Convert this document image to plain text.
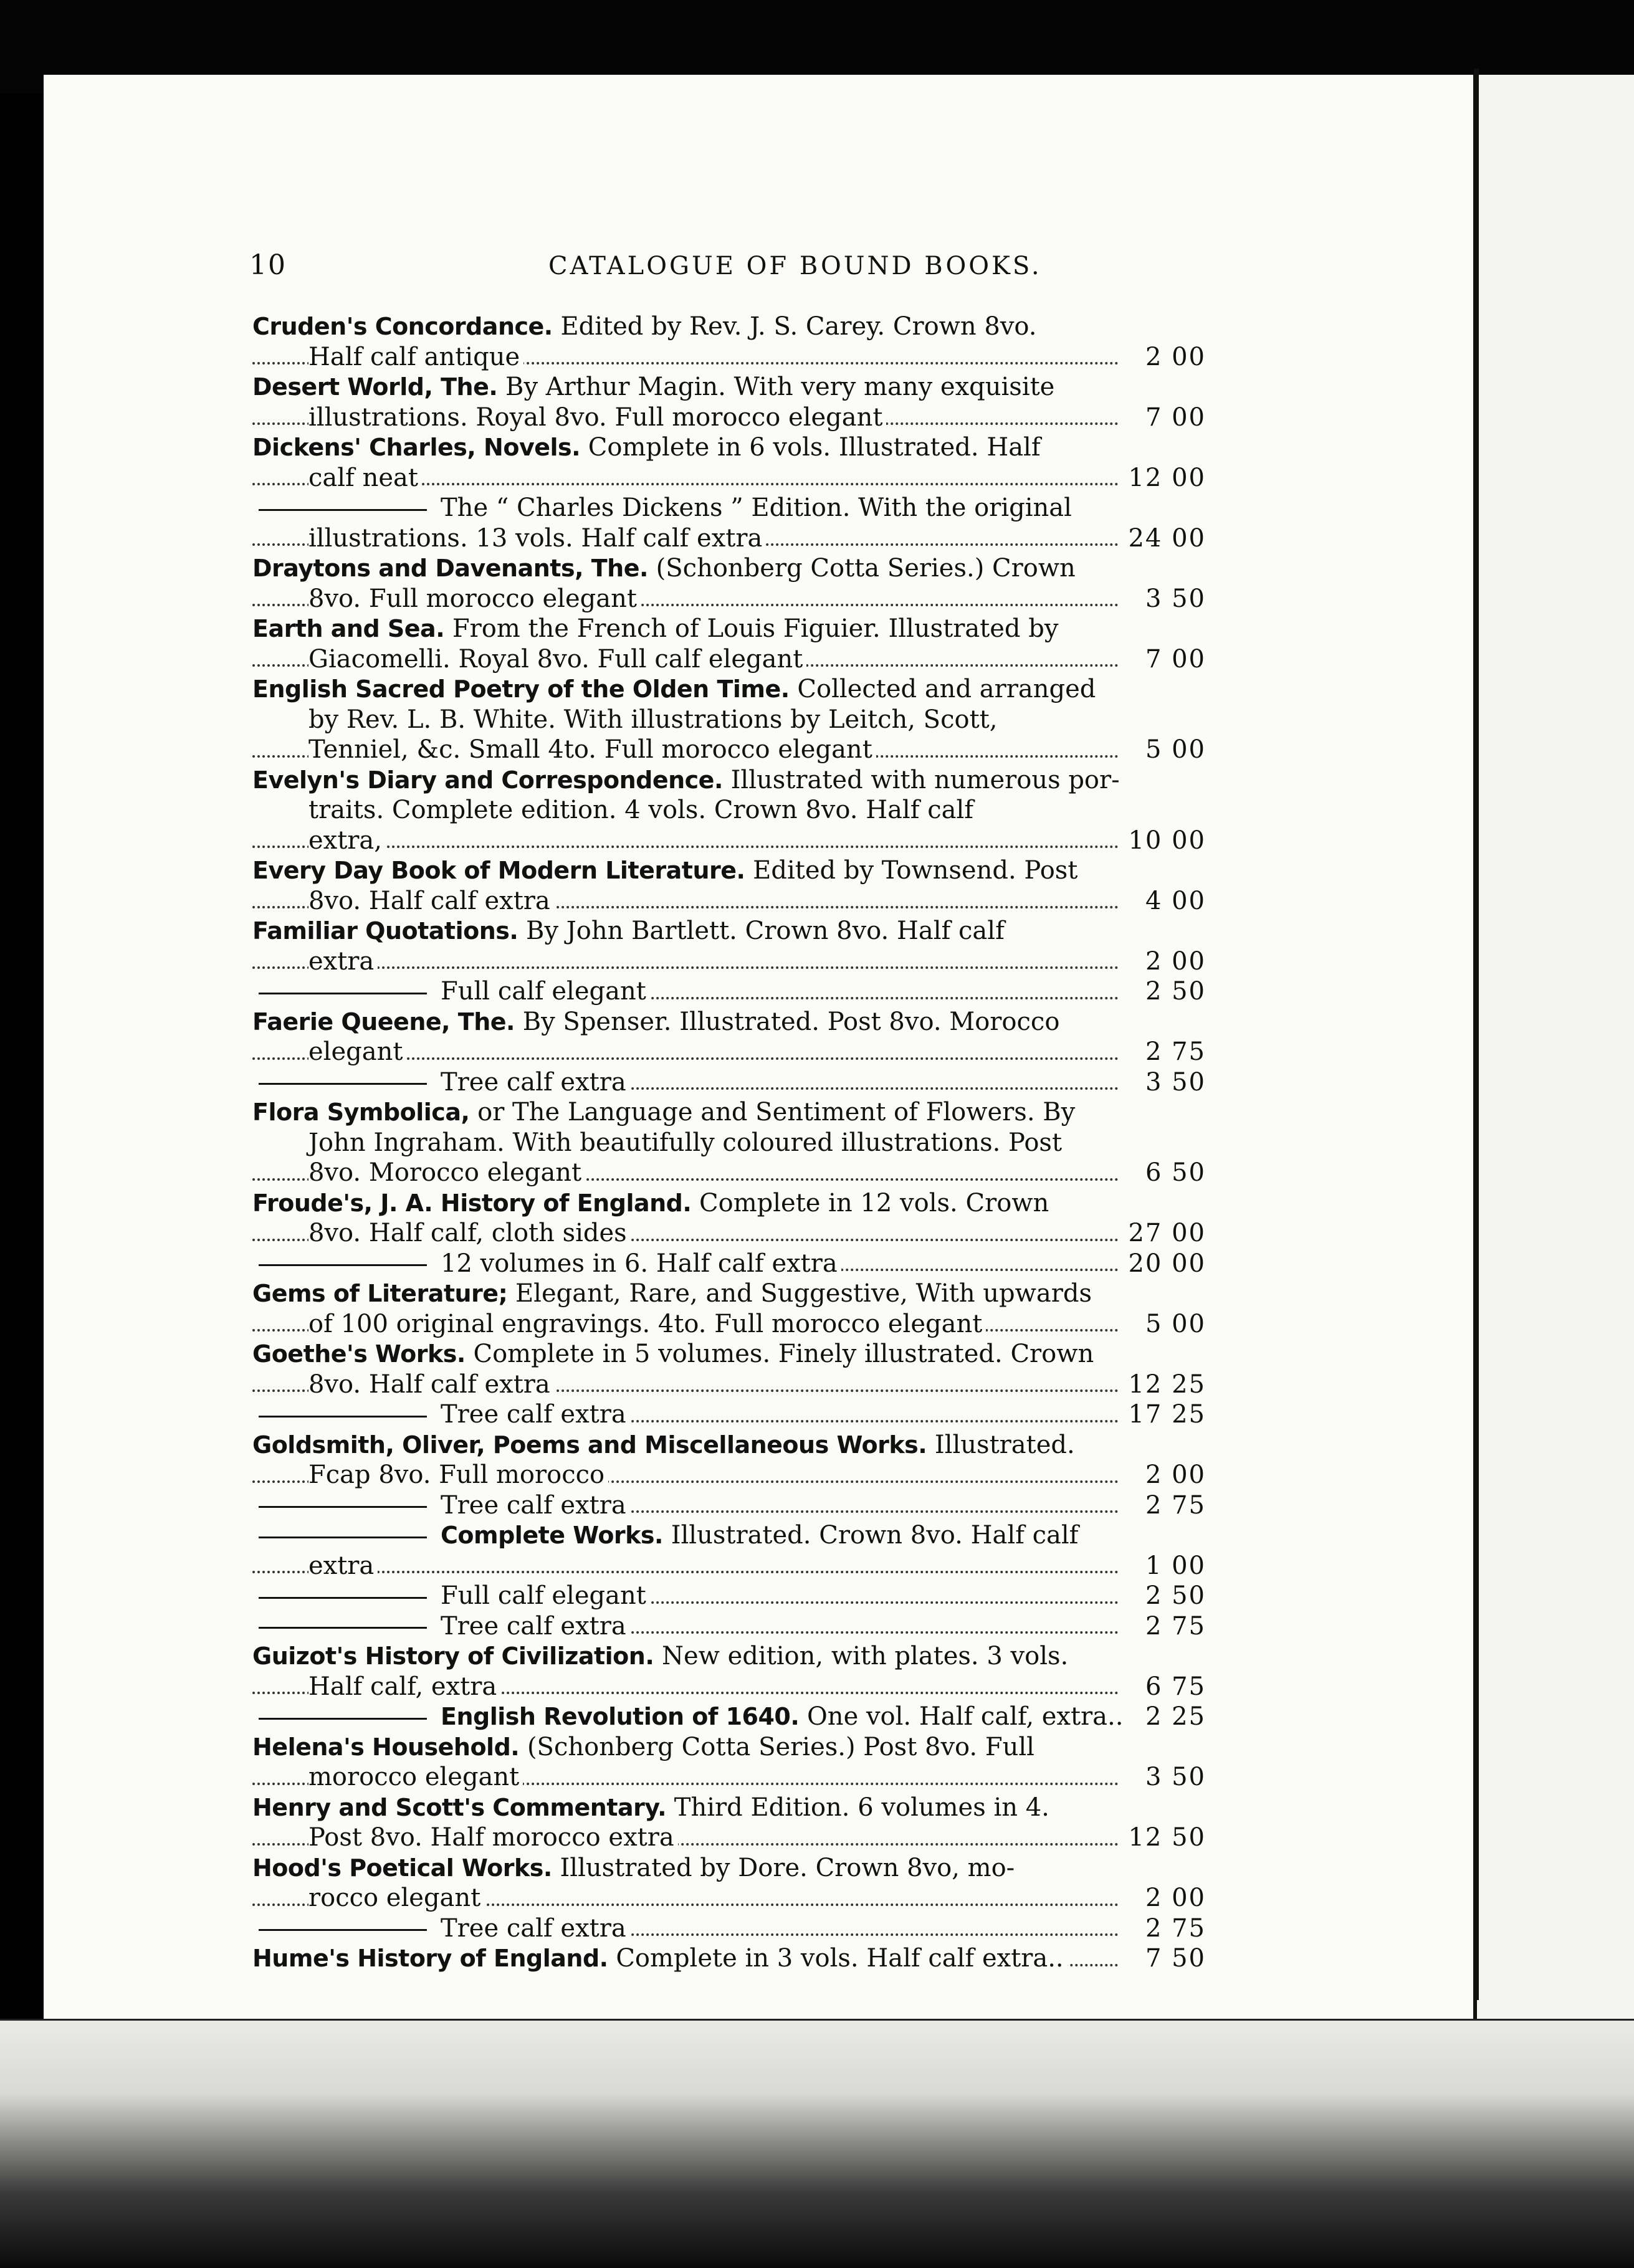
10	CATALOGUE OF BOUND BOOKS.
Cruden's Concordance. Edited by Rev. J. S. Carey. Crown 8vo.
Half calf antique	2 00
Desert World, The. By Arthur Magin. With very many exquisite
illustrations. Royal 8vo. Full morocco elegant	7 00
Dickens' Charles, Novels. Complete in 6 vols. Illustrated. Half
calf neat	12 00
The “ Charles Dickens ” Edition. With the original
illustrations. 13 vols. Half calf extra	24 00
Draytons and Davenants, The. (Schonberg Cotta Series.) Crown
8vo. Full morocco elegant	3 50
Earth and Sea. From the French of Louis Figuier. Illustrated by
Giacomelli. Royal 8vo. Full calf elegant	7 00
English Sacred Poetry of the Olden Time. Collected and arranged
by Rev. L. B. White. With illustrations by Leitch, Scott,
Tenniel, &c. Small 4to. Full morocco elegant	5 00
Evelyn's Diary and Correspondence. Illustrated with numerous por-
traits. Complete edition. 4 vols. Crown 8vo. Half calf
extra,	10 00
Every Day Book of Modern Literature. Edited by Townsend. Post
8vo. Half calf extra	4 00
Familiar Quotations. By John Bartlett. Crown 8vo. Half calf
extra	2 00
Full calf elegant	2 50
Faerie Queene, The. By Spenser. Illustrated. Post 8vo. Morocco
elegant	2 75
Tree calf extra	3 50
Flora Symbolica, or The Language and Sentiment of Flowers. By
John Ingraham. With beautifully coloured illustrations. Post
8vo. Morocco elegant	6 50
Froude's, J. A. History of England. Complete in 12 vols. Crown
8vo. Half calf, cloth sides	27 00
12 volumes in 6. Half calf extra	20 00
Gems of Literature; Elegant, Rare, and Suggestive, With upwards
of 100 original engravings. 4to. Full morocco elegant	5 00
Goethe's Works. Complete in 5 volumes. Finely illustrated. Crown
8vo. Half calf extra	12 25
Tree calf extra	17 25
Goldsmith, Oliver, Poems and Miscellaneous Works. Illustrated.
Fcap 8vo. Full morocco	2 00
Tree calf extra	2 75
Complete Works. Illustrated. Crown 8vo. Half calf
extra	1 00
Full calf elegant	2 50
Tree calf extra	2 75
Guizot's History of Civilization. New edition, with plates. 3 vols.
Half calf, extra	6 75
English Revolution of 1640. One vol. Half calf, extra.. 2 25
Helena's Household. (Schonberg Cotta Series.) Post 8vo. Full
morocco elegant	3 50
Henry and Scott's Commentary. Third Edition. 6 volumes in 4.
Post 8vo. Half morocco extra	12 50
Hood's Poetical Works. Illustrated by Dore. Crown 8vo, mo-
rocco elegant	2 00
Tree calf extra	2 75
Hume's History of England. Complete in 3 vols. Half calf extra..	7 50
